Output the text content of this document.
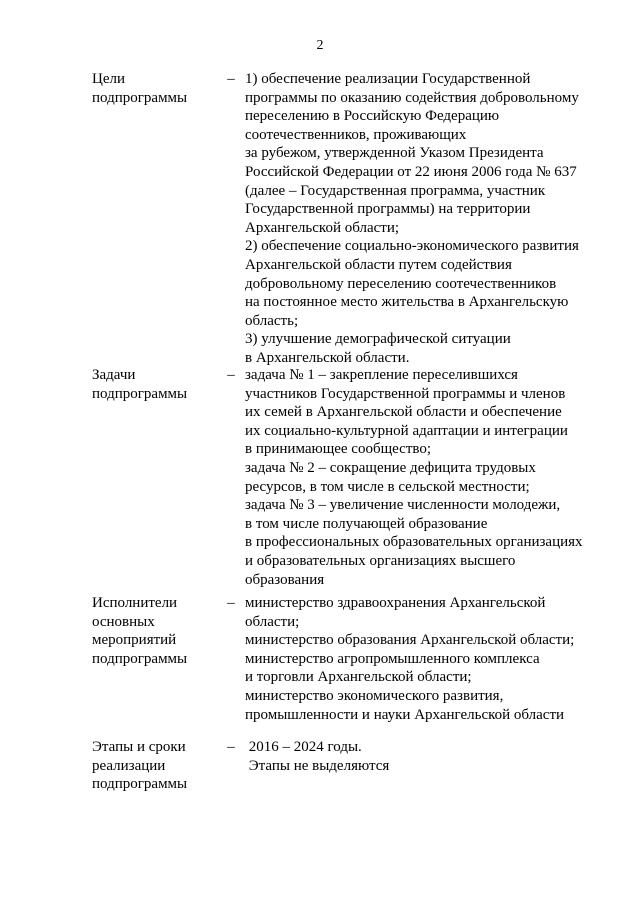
2
Цели
подпрограммы
– 1) обеспечение реализации Государственной
программы по оказанию содействия добровольному
переселению в Российскую Федерацию
соотечественников, проживающих
за рубежом, утвержденной Указом Президента
Российской Федерации от 22 июня 2006 года № 637
(далее – Государственная программа, участник
Государственной программы) на территории
Архангельской области;
2) обеспечение социально-экономического развития
Архангельской области путем содействия
добровольному переселению соотечественников
на постоянное место жительства в Архангельскую
область;
3) улучшение демографической ситуации
в Архангельской области.
Задачи
подпрограммы
– задача № 1 – закрепление переселившихся
участников Государственной программы и членов
их семей в Архангельской области и обеспечение
их социально-культурной адаптации и интеграции
в принимающее сообщество;
задача № 2 – сокращение дефицита трудовых
ресурсов, в том числе в сельской местности;
задача № 3 – увеличение численности молодежи,
в том числе получающей образование
в профессиональных образовательных организациях
и образовательных организациях высшего
образования
Исполнители
основных
мероприятий
подпрограммы
– министерство здравоохранения Архангельской
области;
министерство образования Архангельской области;
министерство агропромышленного комплекса
и торговли Архангельской области;
министерство экономического развития,
промышленности и науки Архангельской области
Этапы и сроки
реализации
подпрограммы
– 2016 – 2024 годы.
Этапы не выделяются
